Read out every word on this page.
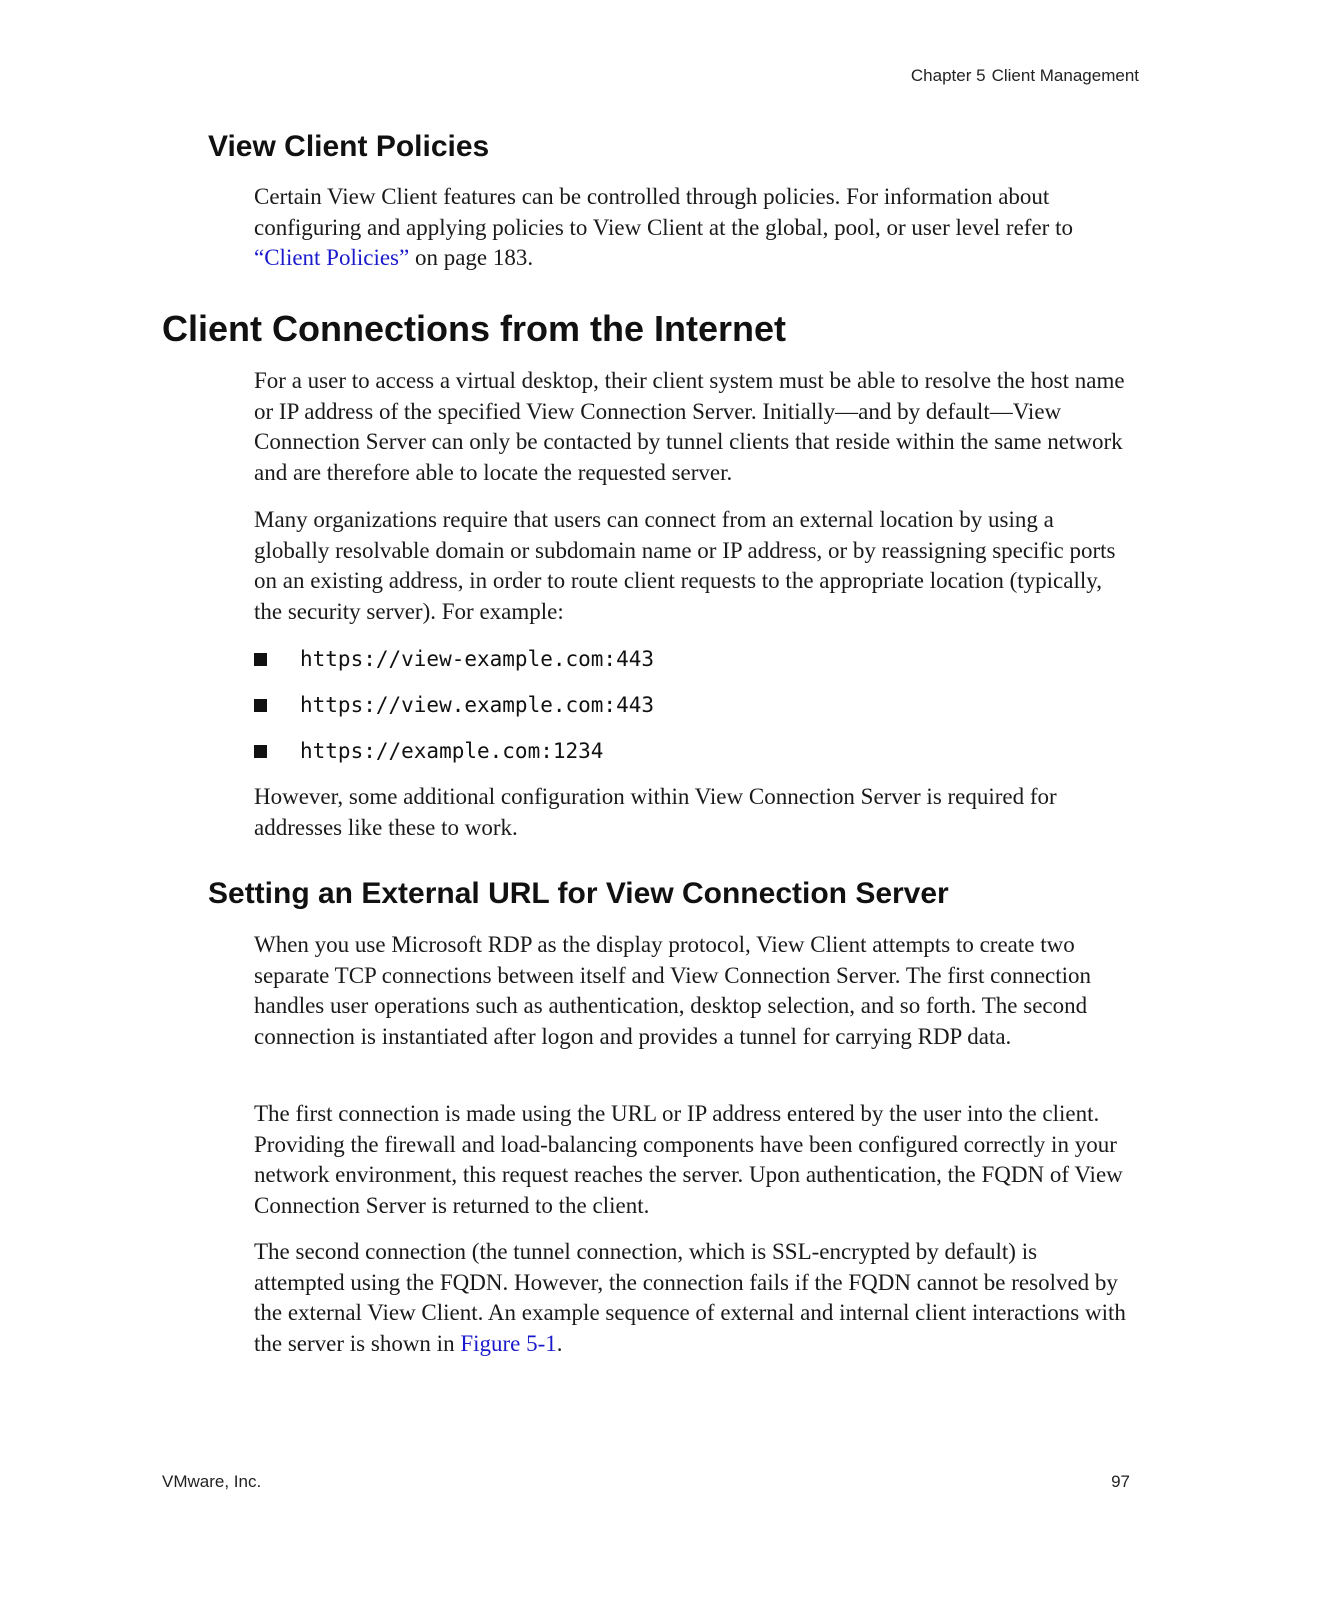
Chapter 5 Client Management
View Client Policies

Certain View Client features can be controlled through policies. For information about configuring and applying policies to View Client at the global, pool, or user level refer to “Client Policies” on page 183.

Client Connections from the Internet

For a user to access a virtual desktop, their client system must be able to resolve the host name or IP address of the specified View Connection Server. Initially—and by default—View Connection Server can only be contacted by tunnel clients that reside within the same network and are therefore able to locate the requested server.

Many organizations require that users can connect from an external location by using a globally resolvable domain or subdomain name or IP address, or by reassigning specific ports on an existing address, in order to route client requests to the appropriate location (typically, the security server). For example:

https://view-example.com:443
https://view.example.com:443
https://example.com:1234

However, some additional configuration within View Connection Server is required for addresses like these to work.

Setting an External URL for View Connection Server

When you use Microsoft RDP as the display protocol, View Client attempts to create two separate TCP connections between itself and View Connection Server. The first connection handles user operations such as authentication, desktop selection, and so forth. The second connection is instantiated after logon and provides a tunnel for carrying RDP data.

The first connection is made using the URL or IP address entered by the user into the client. Providing the firewall and load-balancing components have been configured correctly in your network environment, this request reaches the server. Upon authentication, the FQDN of View Connection Server is returned to the client.

The second connection (the tunnel connection, which is SSL-encrypted by default) is attempted using the FQDN. However, the connection fails if the FQDN cannot be resolved by the external View Client. An example sequence of external and internal client interactions with the server is shown in Figure 5-1.

VMware, Inc.	97
